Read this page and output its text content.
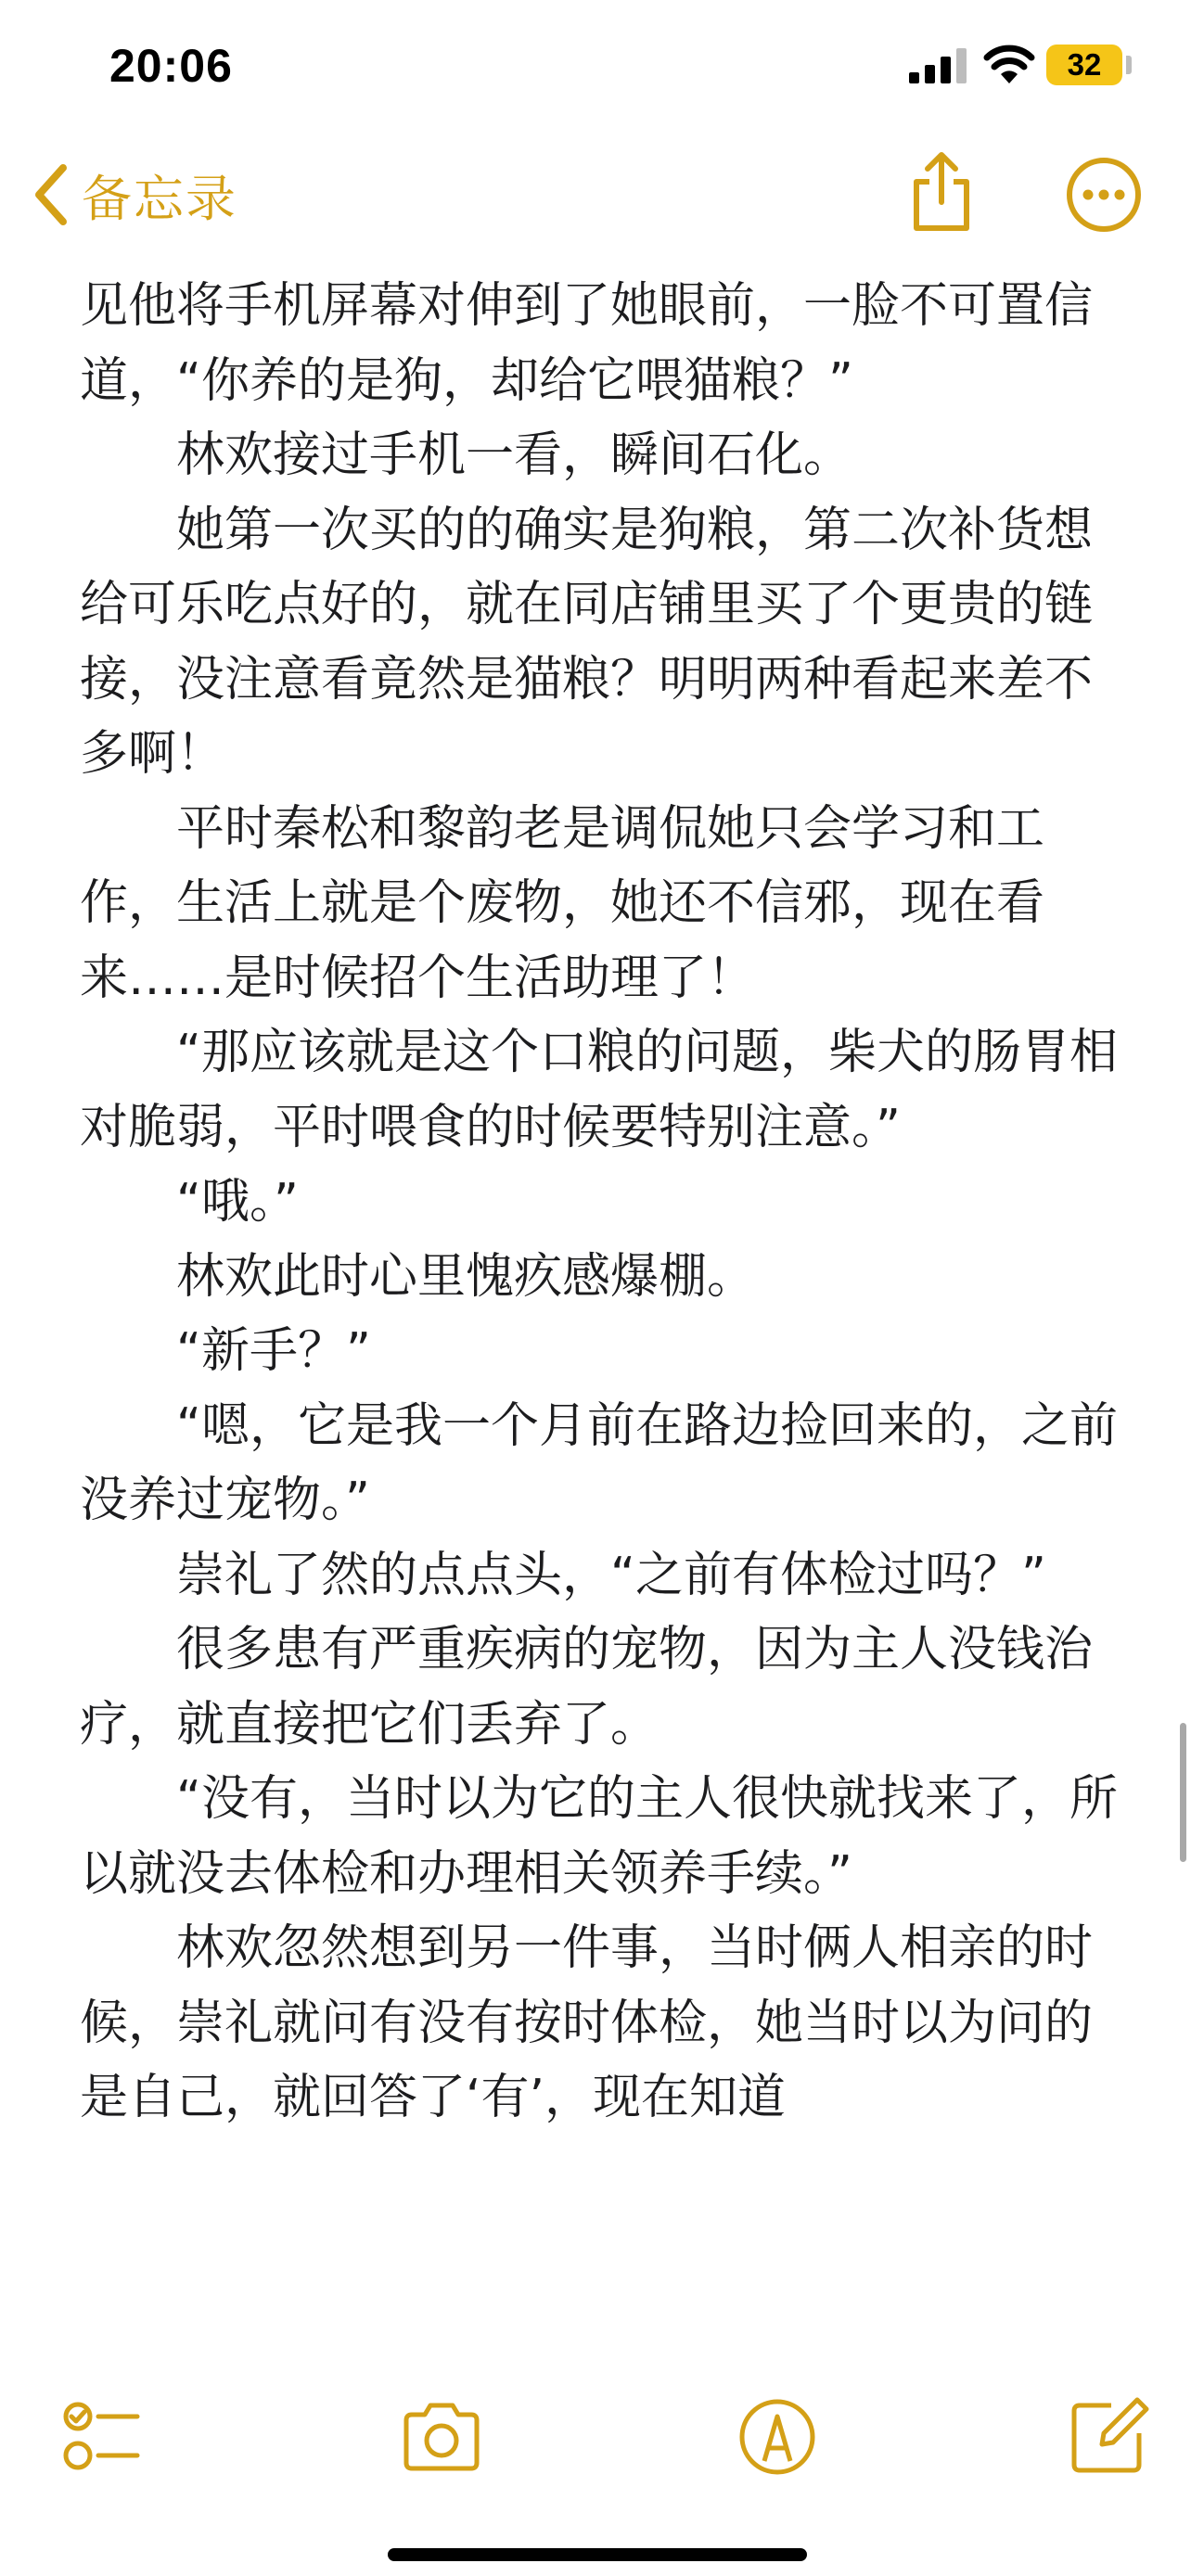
20:06	32
备忘录

见他将手机屏幕对伸到了她眼前，一脸不可置信道，“你养的是狗，却给它喂猫粮？”

林欢接过手机一看，瞬间石化。

她第一次买的的确实是狗粮，第二次补货想给可乐吃点好的，就在同店铺里买了个更贵的链接，没注意看竟然是猫粮？明明两种看起来差不多啊！

平时秦松和黎韵老是调侃她只会学习和工作，生活上就是个废物，她还不信邪，现在看来……是时候招个生活助理了！

“那应该就是这个口粮的问题，柴犬的肠胃相对脆弱，平时喂食的时候要特别注意。”

“哦。”

林欢此时心里愧疚感爆棚。

“新手？”

“嗯，它是我一个月前在路边捡回来的，之前没养过宠物。”

崇礼了然的点点头，“之前有体检过吗？”

很多患有严重疾病的宠物，因为主人没钱治疗，就直接把它们丢弃了。

“没有，当时以为它的主人很快就找来了，所以就没去体检和办理相关领养手续。”

林欢忽然想到另一件事，当时俩人相亲的时候，崇礼就问有没有按时体检，她当时以为问的是自己，就回答了‘有’，现在知道
